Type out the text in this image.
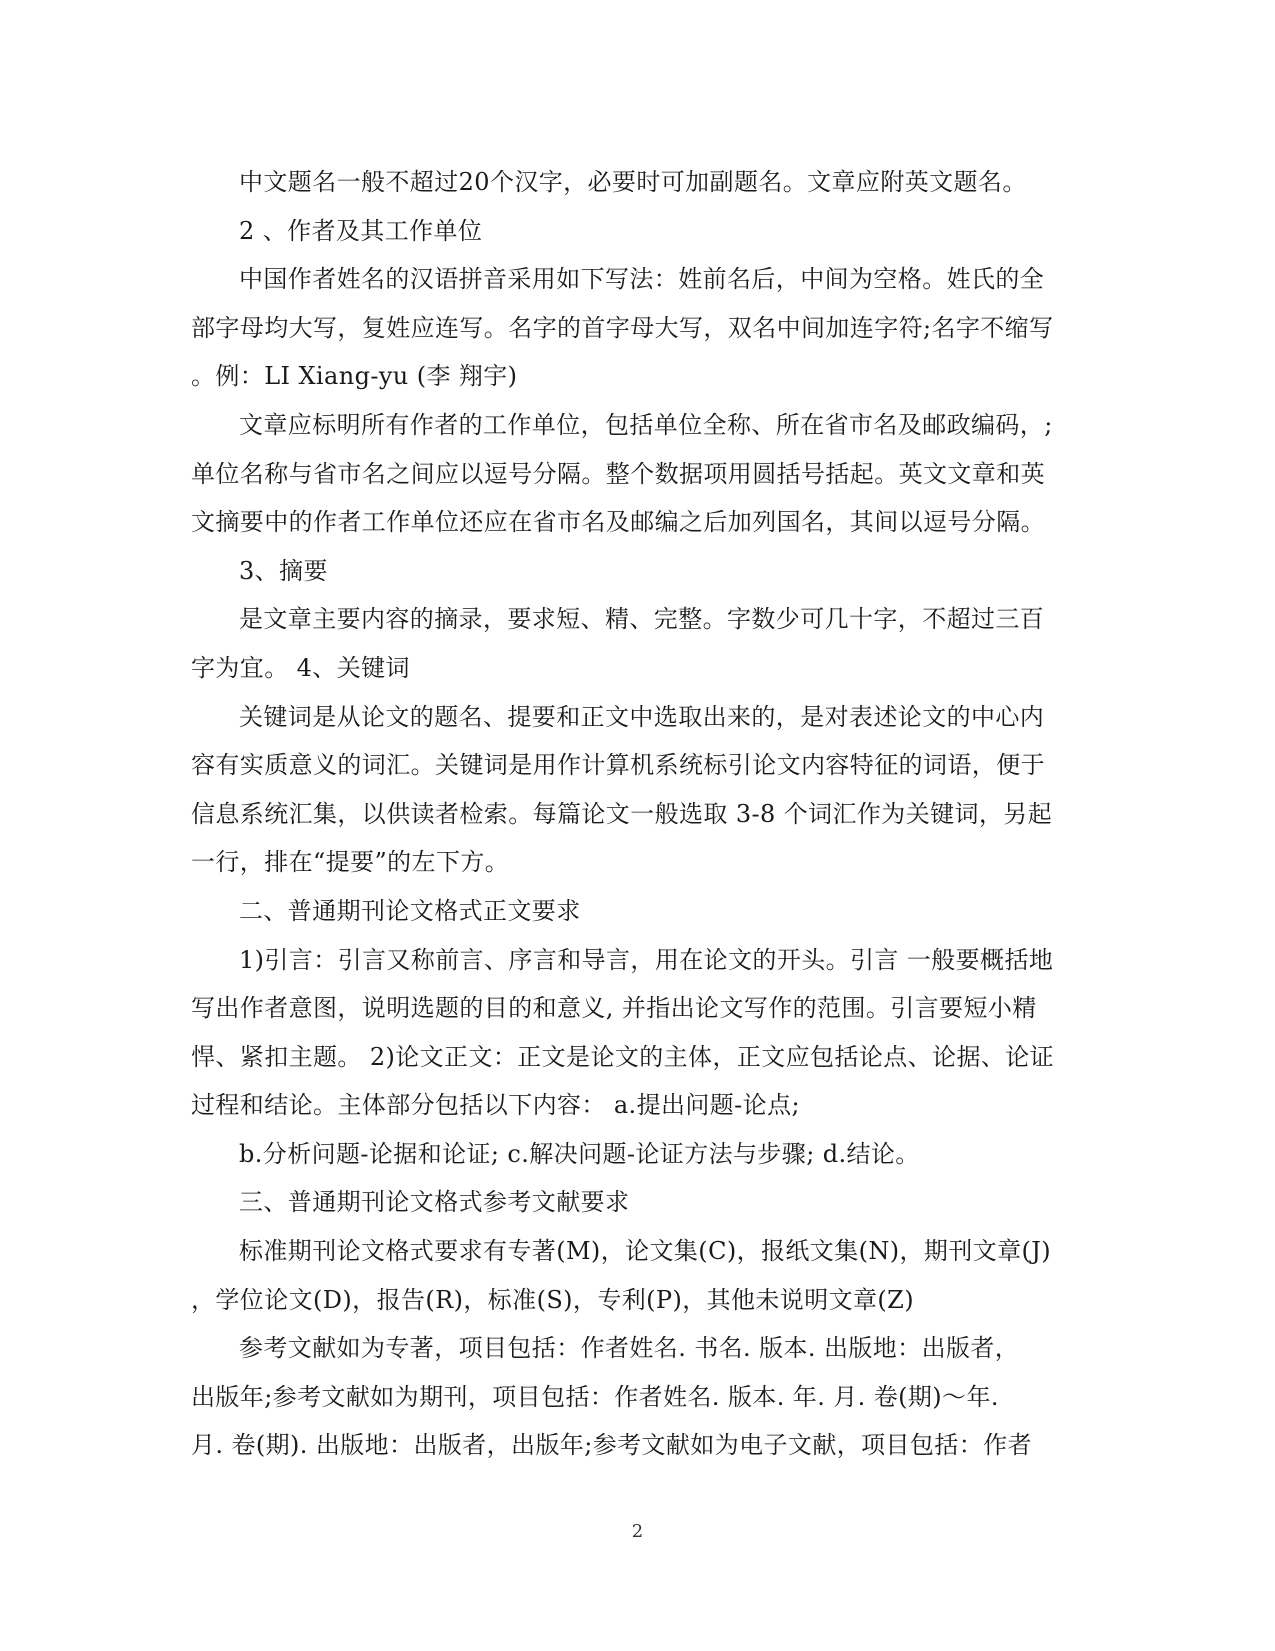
中文题名一般不超过20个汉字，必要时可加副题名。文章应附英文题名。
2 、作者及其工作单位
中国作者姓名的汉语拼音采用如下写法：姓前名后，中间为空格。姓氏的全
部字母均大写，复姓应连写。名字的首字母大写，双名中间加连字符;名字不缩写
。例：LI Xiang-yu (李 翔宇)
文章应标明所有作者的工作单位，包括单位全称、所在省市名及邮政编码，;
单位名称与省市名之间应以逗号分隔。整个数据项用圆括号括起。英文文章和英
文摘要中的作者工作单位还应在省市名及邮编之后加列国名，其间以逗号分隔。
3、摘要
是文章主要内容的摘录，要求短、精、完整。字数少可几十字，不超过三百
字为宜。 4、关键词
关键词是从论文的题名、提要和正文中选取出来的，是对表述论文的中心内
容有实质意义的词汇。关键词是用作计算机系统标引论文内容特征的词语，便于
信息系统汇集，以供读者检索。每篇论文一般选取 3-8 个词汇作为关键词，另起
一行，排在“提要”的左下方。
二、普通期刊论文格式正文要求
1)引言：引言又称前言、序言和导言，用在论文的开头。引言 一般要概括地
写出作者意图，说明选题的目的和意义, 并指出论文写作的范围。引言要短小精
悍、紧扣主题。 2)论文正文：正文是论文的主体，正文应包括论点、论据、论证
过程和结论。主体部分包括以下内容： a.提出问题-论点;
b.分析问题-论据和论证; c.解决问题-论证方法与步骤; d.结论。
三、普通期刊论文格式参考文献要求
标准期刊论文格式要求有专著(M)，论文集(C)，报纸文集(N)，期刊文章(J)
，学位论文(D)，报告(R)，标准(S)，专利(P)，其他未说明文章(Z)
参考文献如为专著，项目包括：作者姓名. 书名. 版本. 出版地：出版者，
出版年;参考文献如为期刊，项目包括：作者姓名. 版本. 年. 月. 卷(期)～年.
月. 卷(期). 出版地：出版者，出版年;参考文献如为电子文献，项目包括：作者
2
